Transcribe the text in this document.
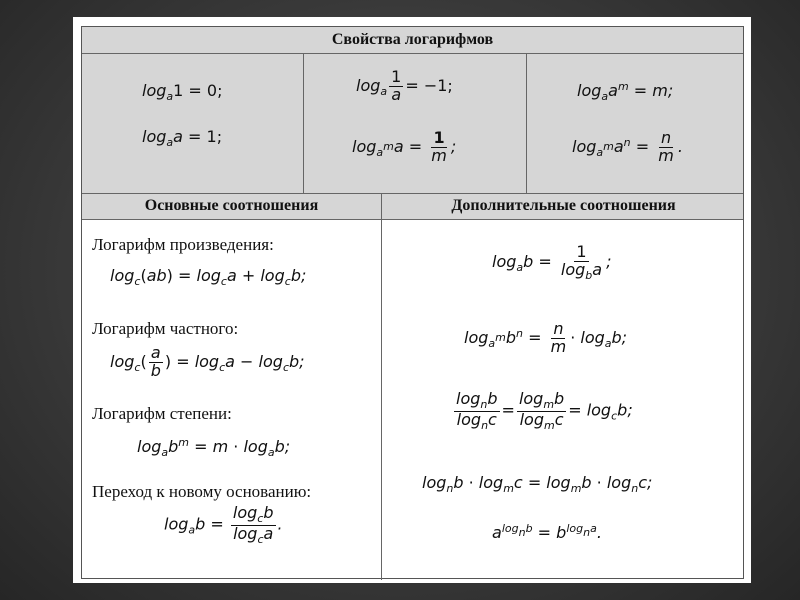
Свойства логарифмов
Основные соотношения	Дополнительные соотношения
$\log_a1 = 0$;
$\log_aa = 1$;
$\log_a \frac{1}{a} = -1$;
$\log_{a^m}a = \frac{1}{m}$ ;
$\log_aa^m = m$;
$\log_{a^m}a^n = \frac{n}{m}$ .
Логарифм произведения:
Логарифм частного:
Логарифм степени:
Переход к новому основанию:
$\log_c(ab) = \log_ca + \log_cb$;
$\log_c( \frac{a}{b}$ ) = $\log_ca - \log_cb$;
$\log_ab^m = m \cdot \log_ab$;
$\log_ab = \frac{\log_cb}{\log_ca}$ .
$\log_ab = \frac{1}{\log_ba}$ ;
$\log_{a^m}b^n = \frac{n}{m} \cdot \log_ab$;
$\frac{\log_nb}{\log_nc} = \frac{\log_mb}{\log_mc} = \log_cb$;
$\log_nb \cdot \log_mc = \log_mb \cdot \log_nc$;
$a^{log_nb} = b^{log_na}$.
